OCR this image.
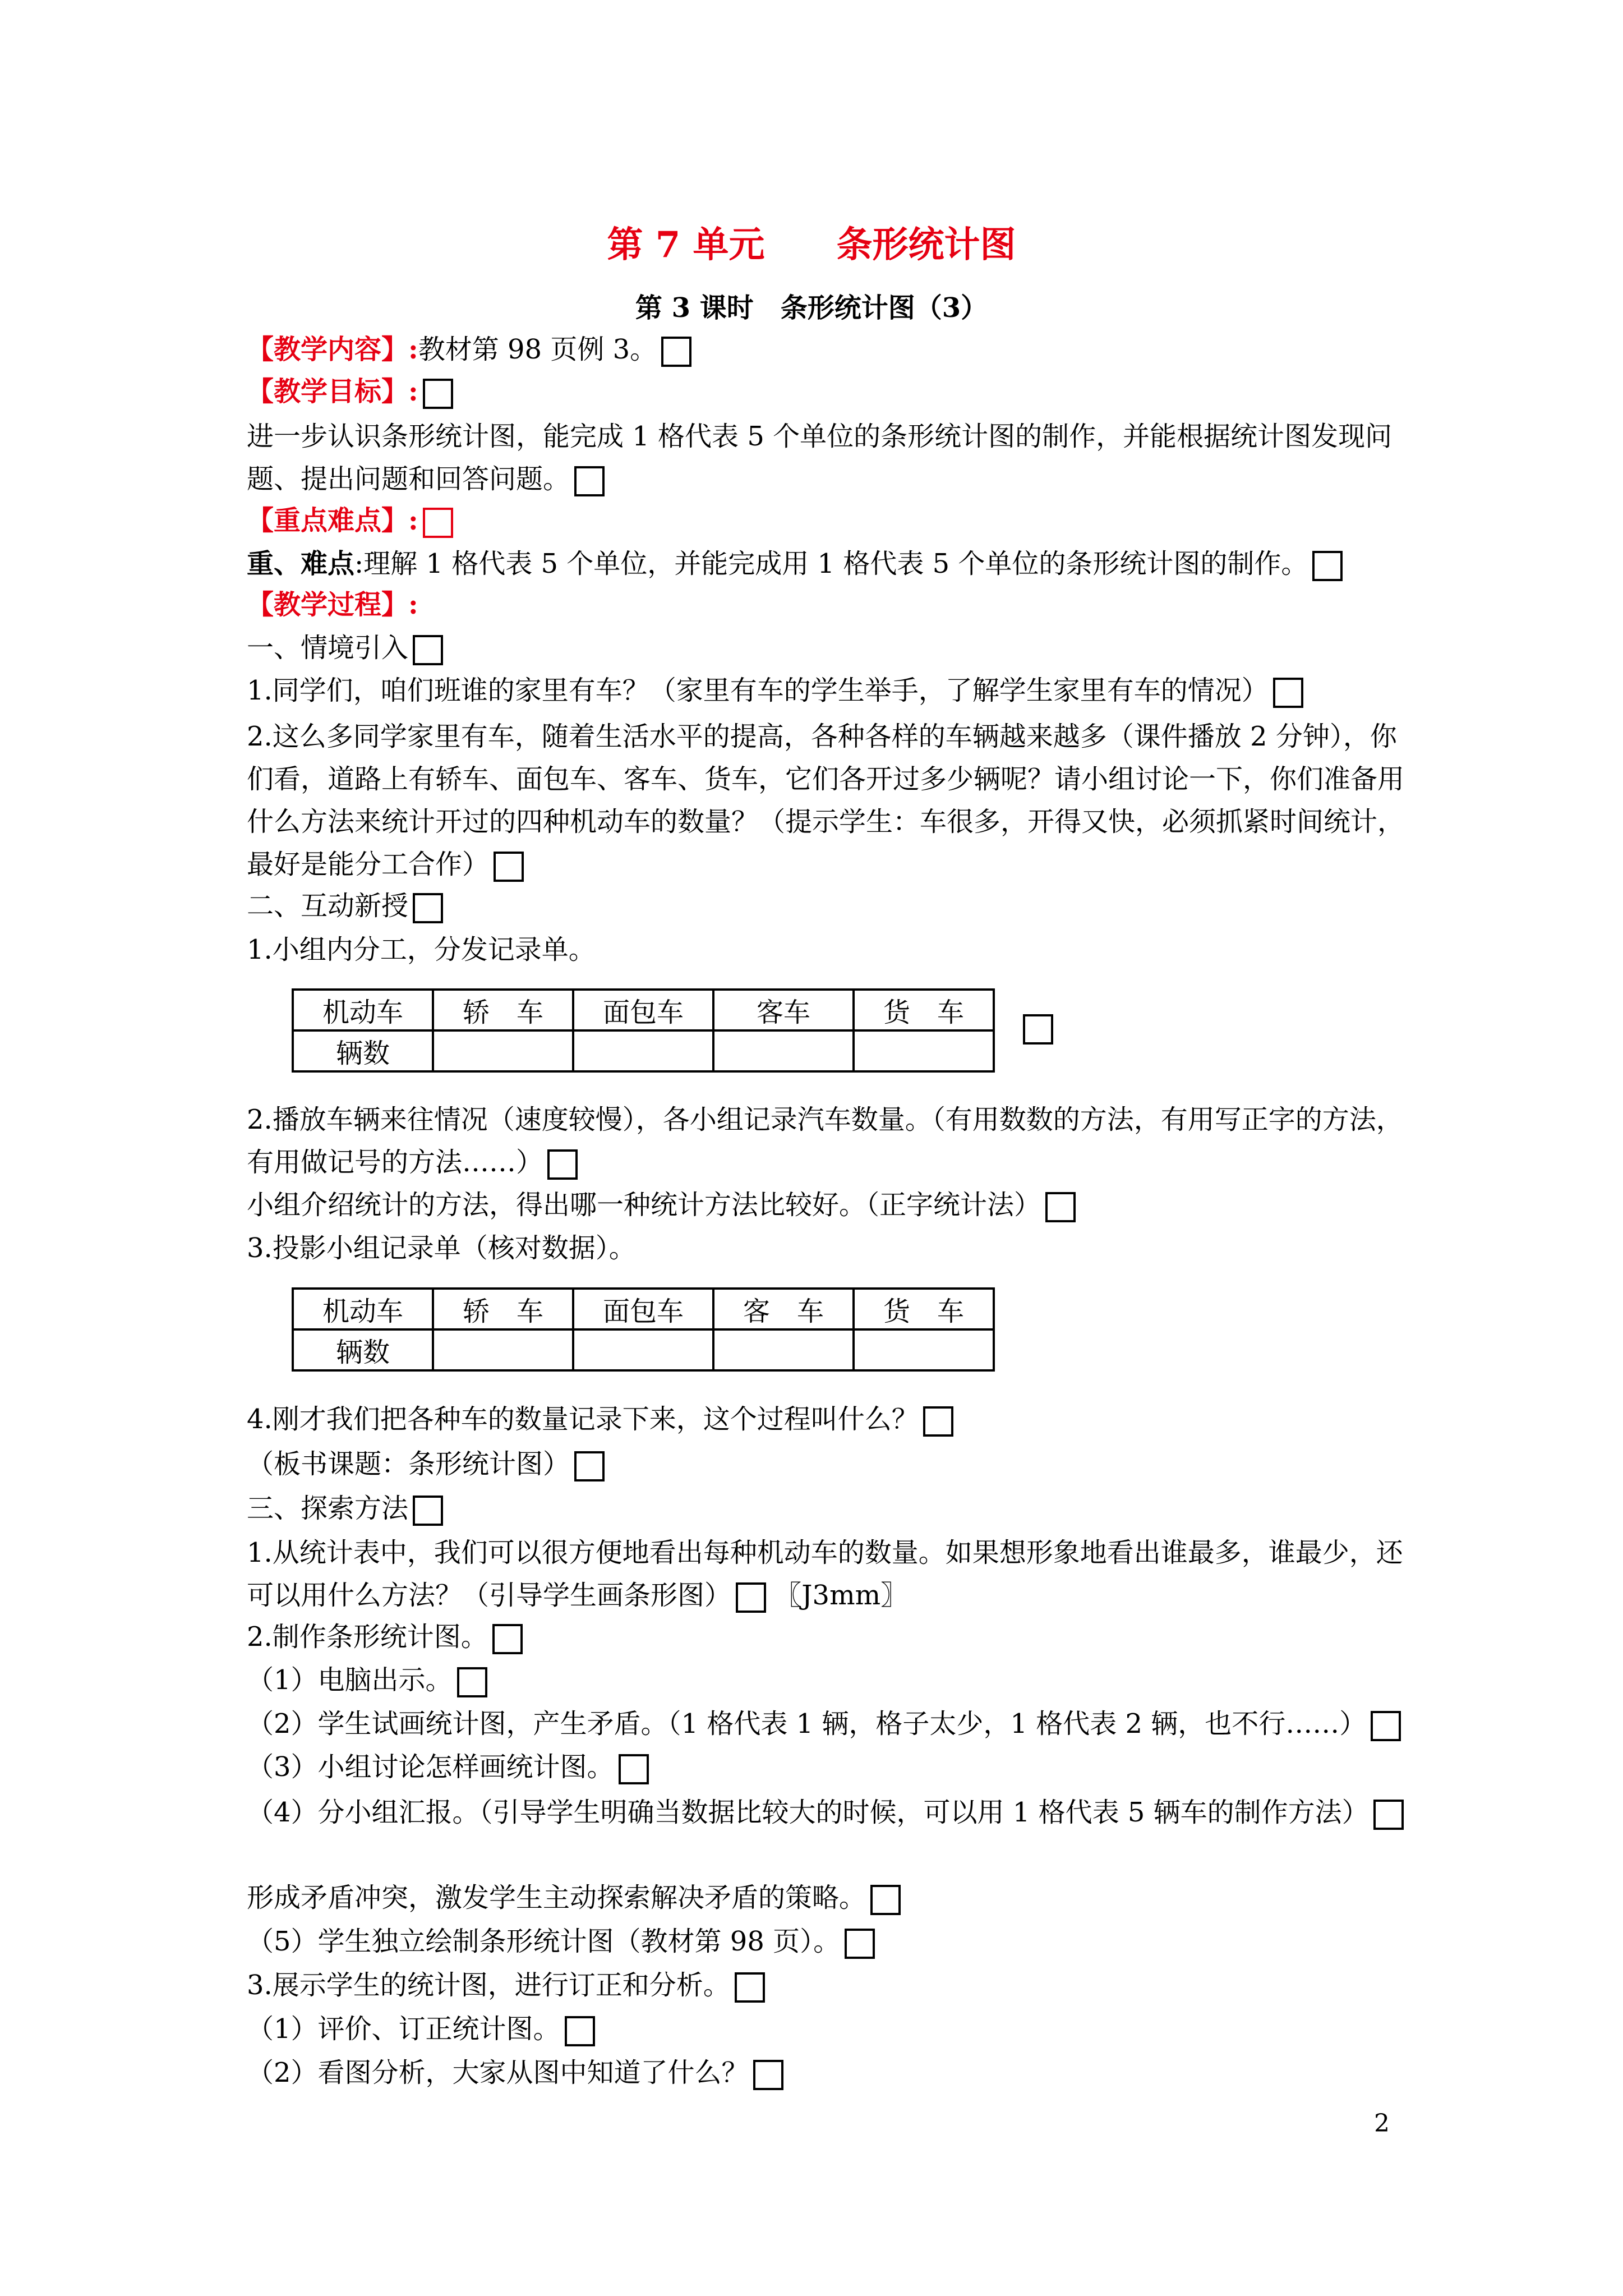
第 7 单元　　条形统计图
第 3 课时　条形统计图（3）
【教学内容】:教材第 98 页例 3。
【教学目标】:
进一步认识条形统计图，能完成 1 格代表 5 个单位的条形统计图的制作，并能根据统计图发现问题、提出问题和回答问题。
【重点难点】:
重、难点:理解 1 格代表 5 个单位，并能完成用 1 格代表 5 个单位的条形统计图的制作。
【教学过程】:
一、情境引入
1.同学们，咱们班谁的家里有车？（家里有车的学生举手，了解学生家里有车的情况）
2.这么多同学家里有车，随着生活水平的提高，各种各样的车辆越来越多（课件播放 2 分钟），你们看，道路上有轿车、面包车、客车、货车，它们各开过多少辆呢？请小组讨论一下，你们准备用什么方法来统计开过的四种机动车的数量？（提示学生：车很多，开得又快，必须抓紧时间统计，最好是能分工合作）
二、互动新授
1.小组内分工，分发记录单。
机动车	轿　车	面包车	客车	货　车
辆数				
2.播放车辆来往情况（速度较慢），各小组记录汽车数量。（有用数数的方法，有用写正字的方法，有用做记号的方法……）
小组介绍统计的方法，得出哪一种统计方法比较好。（正字统计法）
3.投影小组记录单（核对数据）。
机动车	轿　车	面包车	客　车	货　车
辆数				
4.刚才我们把各种车的数量记录下来，这个过程叫什么？
（板书课题：条形统计图）
三、探索方法
1.从统计表中，我们可以很方便地看出每种机动车的数量。如果想形象地看出谁最多，谁最少，还可以用什么方法？（引导学生画条形图） 〖J3mm〗
2.制作条形统计图。
（1）电脑出示。
（2）学生试画统计图，产生矛盾。（1 格代表 1 辆，格子太少，1 格代表 2 辆，也不行……）
（3）小组讨论怎样画统计图。
（4）分小组汇报。（引导学生明确当数据比较大的时候，可以用 1 格代表 5 辆车的制作方法）
形成矛盾冲突，激发学生主动探索解决矛盾的策略。
（5）学生独立绘制条形统计图（教材第 98 页）。
3.展示学生的统计图，进行订正和分析。
（1）评价、订正统计图。
（2）看图分析，大家从图中知道了什么？
2
